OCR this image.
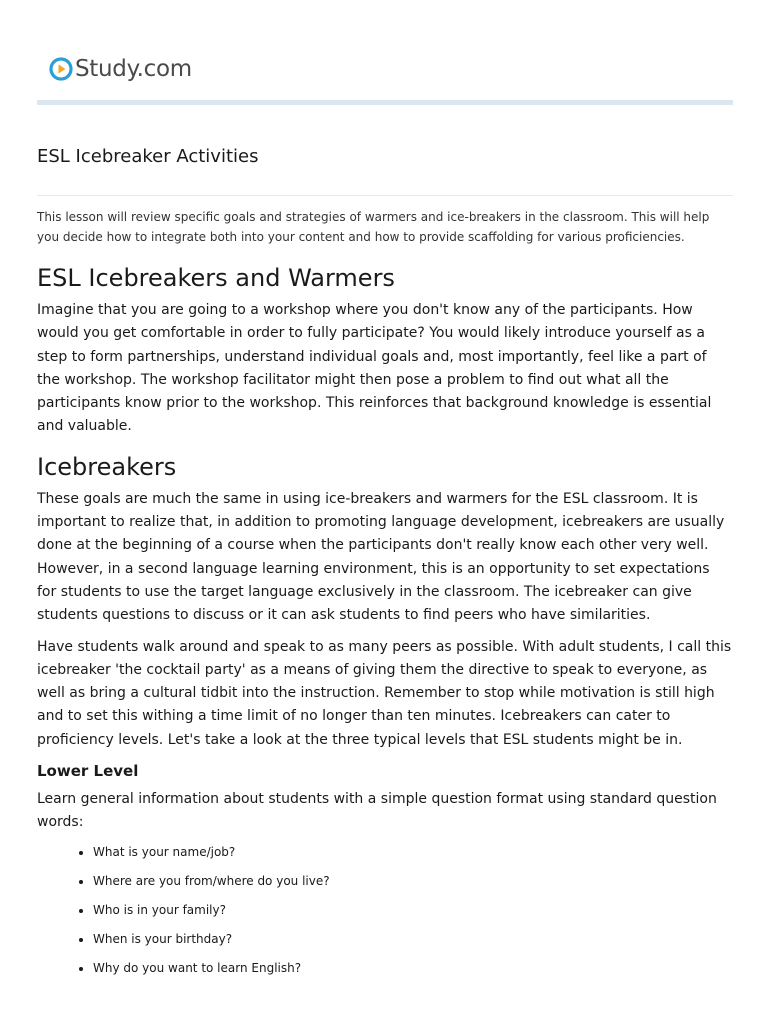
Study.com
ESL Icebreaker Activities

This lesson will review specific goals and strategies of warmers and ice-breakers in the classroom. This will help you decide how to integrate both into your content and how to provide scaffolding for various proficiencies.

ESL Icebreakers and Warmers

Imagine that you are going to a workshop where you don't know any of the participants. How would you get comfortable in order to fully participate? You would likely introduce yourself as a step to form partnerships, understand individual goals and, most importantly, feel like a part of the workshop. The workshop facilitator might then pose a problem to find out what all the participants know prior to the workshop. This reinforces that background knowledge is essential and valuable.

Icebreakers

These goals are much the same in using ice-breakers and warmers for the ESL classroom. It is important to realize that, in addition to promoting language development, icebreakers are usually done at the beginning of a course when the participants don't really know each other very well. However, in a second language learning environment, this is an opportunity to set expectations for students to use the target language exclusively in the classroom. The icebreaker can give students questions to discuss or it can ask students to find peers who have similarities.

Have students walk around and speak to as many peers as possible. With adult students, I call this icebreaker 'the cocktail party' as a means of giving them the directive to speak to everyone, as well as bring a cultural tidbit into the instruction. Remember to stop while motivation is still high and to set this withing a time limit of no longer than ten minutes. Icebreakers can cater to proficiency levels. Let's take a look at the three typical levels that ESL students might be in.

Lower Level

Learn general information about students with a simple question format using standard question words:

• What is your name/job?
• Where are you from/where do you live?
• Who is in your family?
• When is your birthday?
• Why do you want to learn English?
